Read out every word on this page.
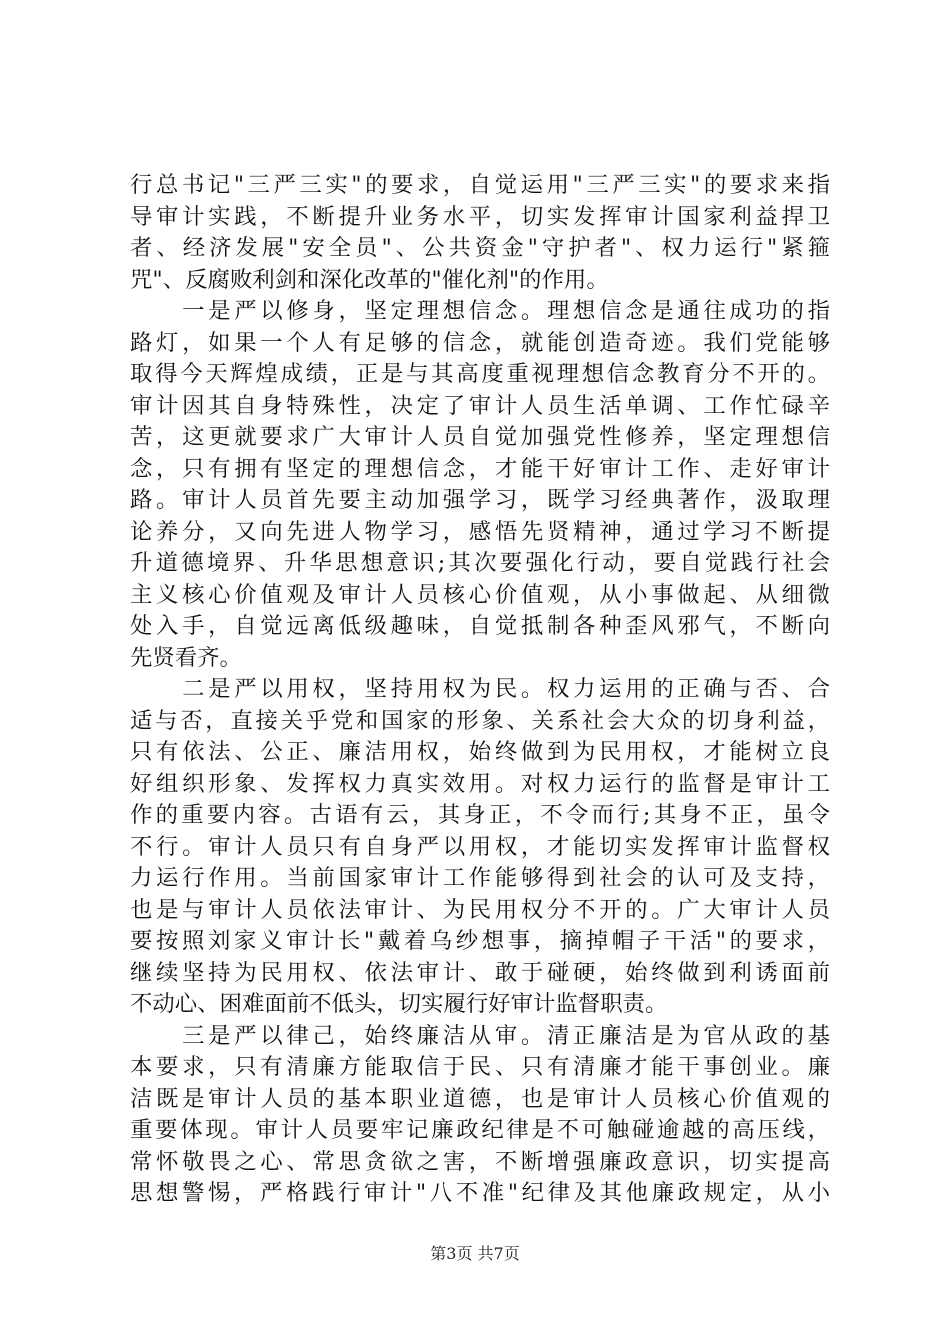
行总书记"三严三实"的要求，自觉运用"三严三实"的要求来指
导审计实践，不断提升业务水平，切实发挥审计国家利益捍卫
者、经济发展"安全员"、公共资金"守护者"、权力运行"紧箍
咒"、反腐败利剑和深化改革的"催化剂"的作用。
　　一是严以修身，坚定理想信念。理想信念是通往成功的指
路灯，如果一个人有足够的信念，就能创造奇迹。我们党能够
取得今天辉煌成绩，正是与其高度重视理想信念教育分不开的。
审计因其自身特殊性，决定了审计人员生活单调、工作忙碌辛
苦，这更就要求广大审计人员自觉加强党性修养，坚定理想信
念，只有拥有坚定的理想信念，才能干好审计工作、走好审计
路。审计人员首先要主动加强学习，既学习经典著作，汲取理
论养分，又向先进人物学习，感悟先贤精神，通过学习不断提
升道德境界、升华思想意识;其次要强化行动，要自觉践行社会
主义核心价值观及审计人员核心价值观，从小事做起、从细微
处入手，自觉远离低级趣味，自觉抵制各种歪风邪气，不断向
先贤看齐。
　　二是严以用权，坚持用权为民。权力运用的正确与否、合
适与否，直接关乎党和国家的形象、关系社会大众的切身利益，
只有依法、公正、廉洁用权，始终做到为民用权，才能树立良
好组织形象、发挥权力真实效用。对权力运行的监督是审计工
作的重要内容。古语有云，其身正，不令而行;其身不正，虽令
不行。审计人员只有自身严以用权，才能切实发挥审计监督权
力运行作用。当前国家审计工作能够得到社会的认可及支持，
也是与审计人员依法审计、为民用权分不开的。广大审计人员
要按照刘家义审计长"戴着乌纱想事，摘掉帽子干活"的要求，
继续坚持为民用权、依法审计、敢于碰硬，始终做到利诱面前
不动心、困难面前不低头，切实履行好审计监督职责。
　　三是严以律己，始终廉洁从审。清正廉洁是为官从政的基
本要求，只有清廉方能取信于民、只有清廉才能干事创业。廉
洁既是审计人员的基本职业道德，也是审计人员核心价值观的
重要体现。审计人员要牢记廉政纪律是不可触碰逾越的高压线，
常怀敬畏之心、常思贪欲之害，不断增强廉政意识，切实提高
思想警惕，严格践行审计"八不准"纪律及其他廉政规定，从小
第3页 共7页
